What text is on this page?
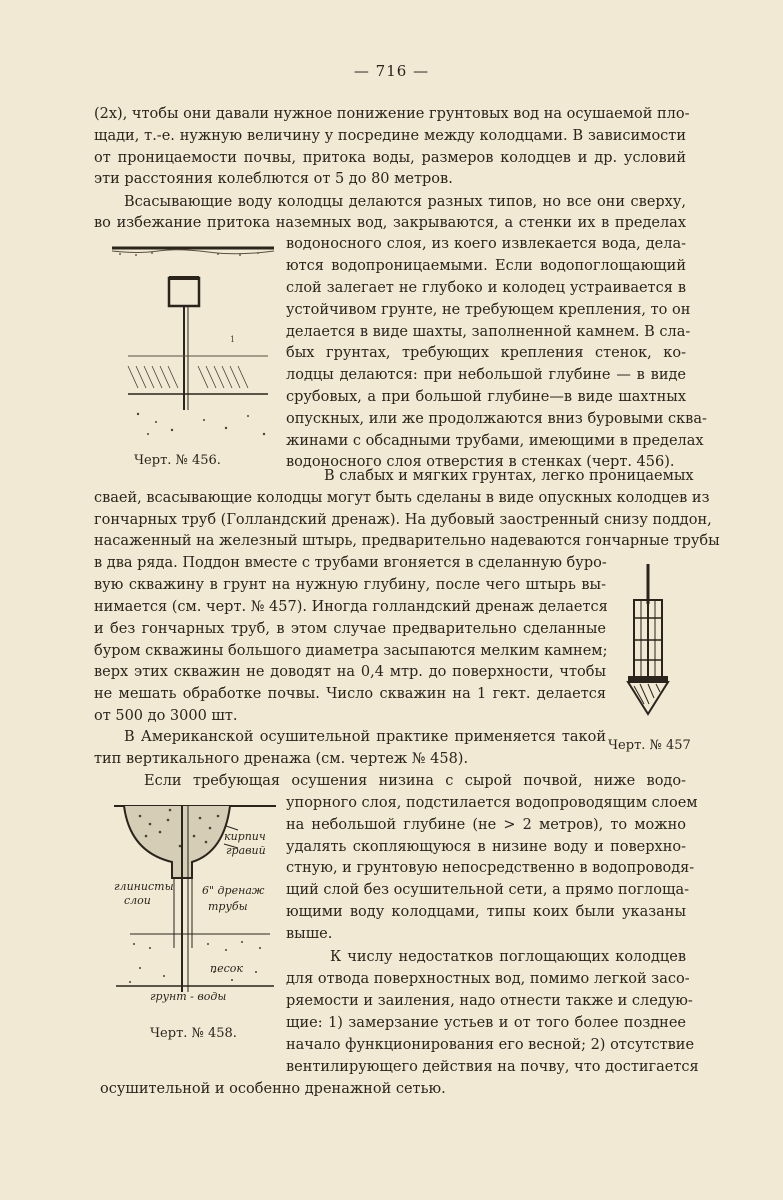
— 716 —
(2x), чтобы они давали нужное понижение грунтовых вод на осушаемой пло-
щади, т.-е. нужную величину y посредине между колодцами. В зависимости
от проницаемости почвы, притока воды, размеров колодцев и др. условий
эти расстояния колеблются от 5 до 80 метров.
Всасывающие воду колодцы делаются разных типов, но все они сверху,
во избежание притока наземных вод, закрываются, а стенки их в пределах
водоносного слоя, из коего извлекается вода, дела-
ются водопроницаемыми. Если водопоглощающий
слой залегает не глубоко и колодец устраивается в
устойчивом грунте, не требующем крепления, то он
делается в виде шахты, заполненной камнем. В сла-
бых грунтах, требующих крепления стенок, ко-
лодцы делаются: при небольшой глубине — в виде
срубовых, а при большой глубине—в виде шахтных
опускных, или же продолжаются вниз буровыми сква-
жинами с обсадными трубами, имеющими в пределах
водоносного слоя отверстия в стенках (черт. 456).
1
Черт. № 456.
В слабых и мягких грунтах, легко проницаемых
сваей, всасывающие колодцы могут быть сделаны в виде опускных колодцев из
гончарных труб (Голландский дренаж). На дубовый заостренный снизу поддон,
насаженный на железный штырь, предварительно надеваются гончарные трубы
в два ряда. Поддон вместе с трубами вгоняется в сделанную буро-
вую скважину в грунт на нужную глубину, после чего штырь вы-
нимается (см. черт. № 457). Иногда голландский дренаж делается
и без гончарных труб, в этом случае предварительно сделанные
буром скважины большого диаметра засыпаются мелким камнем;
верх этих скважин не доводят на 0,4 мтр. до поверхности, чтобы
не мешать обработке почвы. Число скважин на 1 гект. делается
от 500 до 3000 шт.
В Американской осушительной практике применяется такой
тип вертикального дренажа (см. чертеж № 458).
Черт. № 457
Если требующая осушения низина с сырой почвой, ниже водо-
упорного слоя, подстилается водопроводящим слоем
на небольшой глубине (не > 2 метров), то можно
удалять скопляющуюся в низине воду и поверхно-
стную, и грунтовую непосредственно в водопроводя-
щий слой без осушительной сети, а прямо поглоща-
ющими воду колодцами, типы коих были указаны
выше.
К числу недостатков поглощающих колодцев
для отвода поверхностных вод, помимо легкой засо-
ряемости и заиления, надо отнести также и следую-
щие: 1) замерзание устьев и от того более позднее
начало функционирования его весной; 2) отсутствие
вентилирующего действия на почву, что достигается
осушительной и особенно дренажной сетью.
кирпич
гравий
глинисты
слои
6" дренаж
трубы
песок
грунт - воды
Черт. № 458.
